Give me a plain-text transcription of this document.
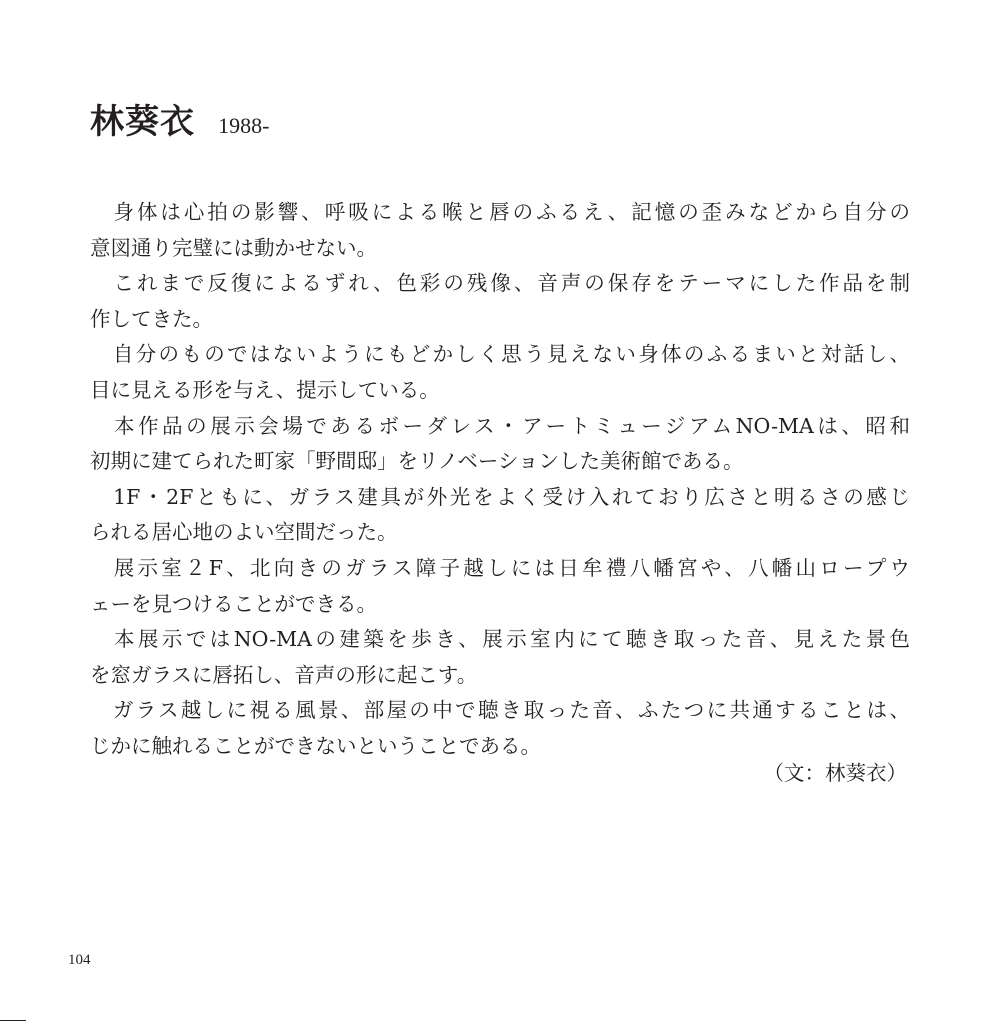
林葵衣 1988-
　身体は心拍の影響、呼吸による喉と唇のふるえ、記憶の歪みなどから自分の
意図通り完璧には動かせない。
　これまで反復によるずれ、色彩の残像、音声の保存をテーマにした作品を制
作してきた。
　自分のものではないようにもどかしく思う見えない身体のふるまいと対話し、
目に見える形を与え、提示している。
　本作品の展示会場であるボーダレス・アートミュージアムNO-MAは、昭和
初期に建てられた町家「野間邸」をリノベーションした美術館である。
　1F・2Fともに、ガラス建具が外光をよく受け入れており広さと明るさの感じ
られる居心地のよい空間だった。
　展示室２F、北向きのガラス障子越しには日牟禮八幡宮や、八幡山ロープウ
ェーを見つけることができる。
　本展示ではNO-MAの建築を歩き、展示室内にて聴き取った音、見えた景色
を窓ガラスに唇拓し、音声の形に起こす。
　ガラス越しに視る風景、部屋の中で聴き取った音、ふたつに共通することは、
じかに触れることができないということである。
（文：林葵衣）
104
